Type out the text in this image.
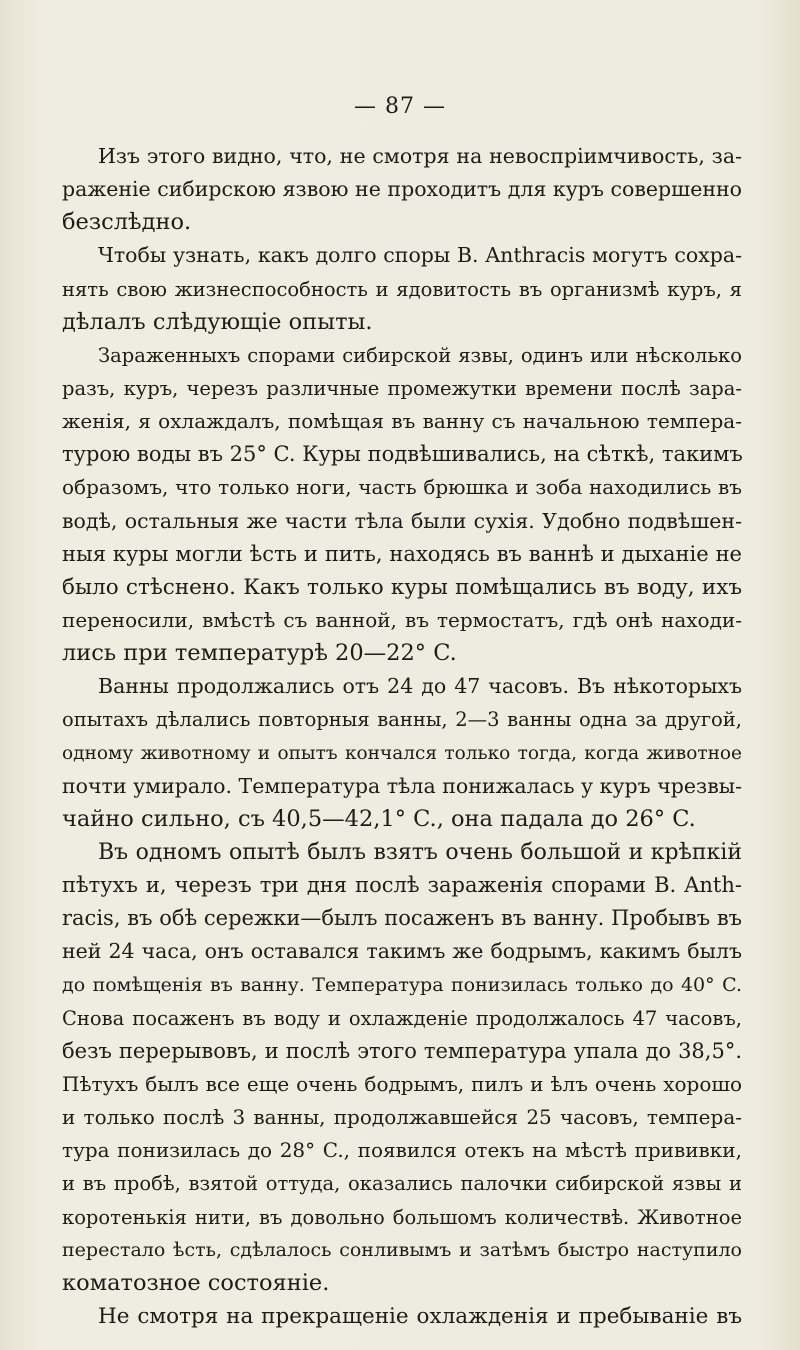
— 87 —
Изъ этого видно, что, не смотря на невоспріимчивость, за-
раженіе сибирскою язвою не проходитъ для куръ совершенно
безслѣдно.
Чтобы узнать, какъ долго споры B. Anthracis могутъ сохра-
нять свою жизнеспособность и ядовитость въ организмѣ куръ, я
дѣлалъ слѣдующіе опыты.
Зараженныхъ спорами сибирской язвы, одинъ или нѣсколько
разъ, куръ, черезъ различные промежутки времени послѣ зара-
женія, я охлаждалъ, помѣщая въ ванну съ начальною темпера-
турою воды въ 25° C. Куры подвѣшивались, на сѣткѣ, такимъ
образомъ, что только ноги, часть брюшка и зоба находились въ
водѣ, остальныя же части тѣла были сухія. Удобно подвѣшен-
ныя куры могли ѣсть и пить, находясь въ ваннѣ и дыханіе не
было стѣснено. Какъ только куры помѣщались въ воду, ихъ
переносили, вмѣстѣ съ ванной, въ термостатъ, гдѣ онѣ находи-
лись при температурѣ 20—22° C.
Ванны продолжались отъ 24 до 47 часовъ. Въ нѣкоторыхъ
опытахъ дѣлались повторныя ванны, 2—3 ванны одна за другой,
одному животному и опытъ кончался только тогда, когда животное
почти умирало. Температура тѣла понижалась у куръ чрезвы-
чайно сильно, съ 40,5—42,1° C., она падала до 26° C.
Въ одномъ опытѣ былъ взятъ очень большой и крѣпкій
пѣтухъ и, черезъ три дня послѣ зараженія спорами B. Anth-
racis, въ обѣ сережки—былъ посаженъ въ ванну. Пробывъ въ
ней 24 часа, онъ оставался такимъ же бодрымъ, какимъ былъ
до помѣщенія въ ванну. Температура понизилась только до 40° C.
Снова посаженъ въ воду и охлажденіе продолжалось 47 часовъ,
безъ перерывовъ, и послѣ этого температура упала до 38,5°.
Пѣтухъ былъ все еще очень бодрымъ, пилъ и ѣлъ очень хорошо
и только послѣ 3 ванны, продолжавшейся 25 часовъ, темпера-
тура понизилась до 28° C., появился отекъ на мѣстѣ прививки,
и въ пробѣ, взятой оттуда, оказались палочки сибирской язвы и
коротенькія нити, въ довольно большомъ количествѣ. Животное
перестало ѣсть, сдѣлалось сонливымъ и затѣмъ быстро наступило
коматозное состояніе.
Не смотря на прекращеніе охлажденія и пребываніе въ
